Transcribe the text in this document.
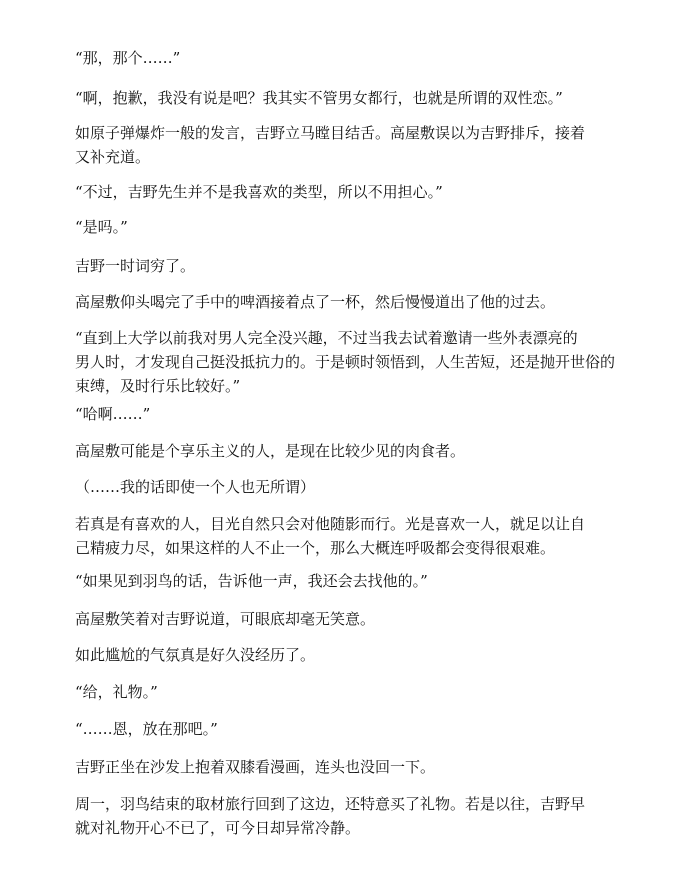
“那，那个……”

“啊，抱歉，我没有说是吧？我其实不管男女都行，也就是所谓的双性恋。”

如原子弹爆炸一般的发言，吉野立马瞠目结舌。高屋敷误以为吉野排斥，接着
又补充道。

“不过，吉野先生并不是我喜欢的类型，所以不用担心。”

“是吗。”

吉野一时词穷了。

高屋敷仰头喝完了手中的啤酒接着点了一杯，然后慢慢道出了他的过去。

“直到上大学以前我对男人完全没兴趣，不过当我去试着邀请一些外表漂亮的
男人时，才发现自己挺没抵抗力的。于是顿时领悟到，人生苦短，还是抛开世俗的
束缚，及时行乐比较好。”

“哈啊……”

高屋敷可能是个享乐主义的人，是现在比较少见的肉食者。

（……我的话即使一个人也无所谓）

若真是有喜欢的人，目光自然只会对他随影而行。光是喜欢一人，就足以让自
己精疲力尽，如果这样的人不止一个，那么大概连呼吸都会变得很艰难。

“如果见到羽鸟的话，告诉他一声，我还会去找他的。”

高屋敷笑着对吉野说道，可眼底却毫无笑意。

如此尴尬的气氛真是好久没经历了。

“给，礼物。”

“……恩，放在那吧。”

吉野正坐在沙发上抱着双膝看漫画，连头也没回一下。

周一，羽鸟结束的取材旅行回到了这边，还特意买了礼物。若是以往，吉野早
就对礼物开心不已了，可今日却异常冷静。
